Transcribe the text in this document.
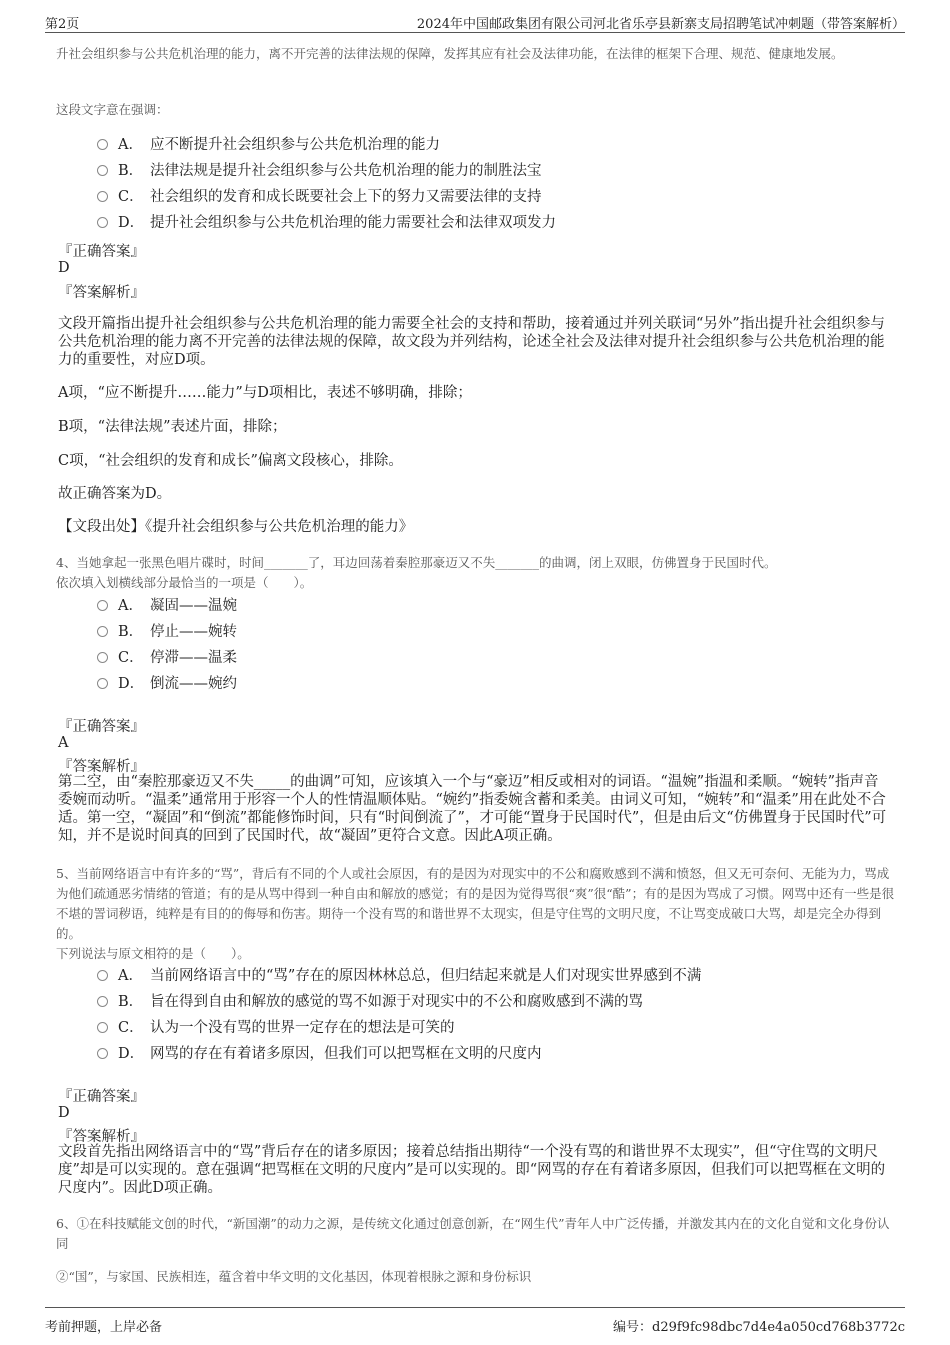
第2页	2024年中国邮政集团有限公司河北省乐亭县新寨支局招聘笔试冲刺题（带答案解析）
升社会组织参与公共危机治理的能力，离不开完善的法律法规的保障，发挥其应有社会及法律功能，在法律的框架下合理、规范、健康地发展。
这段文字意在强调：
A． 应不断提升社会组织参与公共危机治理的能力
B． 法律法规是提升社会组织参与公共危机治理的能力的制胜法宝
C． 社会组织的发育和成长既要社会上下的努力又需要法律的支持
D． 提升社会组织参与公共危机治理的能力需要社会和法律双项发力
『正确答案』
D
『答案解析』
文段开篇指出提升社会组织参与公共危机治理的能力需要全社会的支持和帮助，接着通过并列关联词“另外”指出提升社会组织参与公共危机治理的能力离不开完善的法律法规的保障，故文段为并列结构，论述全社会及法律对提升社会组织参与公共危机治理的能力的重要性，对应D项。
A项，“应不断提升……能力”与D项相比，表述不够明确，排除；
B项，“法律法规”表述片面，排除；
C项，“社会组织的发育和成长”偏离文段核心，排除。
故正确答案为D。
【文段出处】《提升社会组织参与公共危机治理的能力》
4、当她拿起一张黑色唱片碟时，时间_______了，耳边回荡着秦腔那豪迈又不失_______的曲调，闭上双眼，仿佛置身于民国时代。
依次填入划横线部分最恰当的一项是（　　）。
A． 凝固——温婉
B． 停止——婉转
C． 停滞——温柔
D． 倒流——婉约
『正确答案』
A
『答案解析』
第二空，由“秦腔那豪迈又不失_____的曲调”可知，应该填入一个与“豪迈”相反或相对的词语。“温婉”指温和柔顺。“婉转”指声音委婉而动听。“温柔”通常用于形容一个人的性情温顺体贴。“婉约”指委婉含蓄和柔美。由词义可知，“婉转”和“温柔”用在此处不合适。第一空，“凝固”和“倒流”都能修饰时间，只有“时间倒流了”，才可能“置身于民国时代”，但是由后文“仿佛置身于民国时代”可知，并不是说时间真的回到了民国时代，故“凝固”更符合文意。因此A项正确。
5、当前网络语言中有许多的“骂”，背后有不同的个人或社会原因，有的是因为对现实中的不公和腐败感到不满和愤怒，但又无可奈何、无能为力，骂成为他们疏通恶劣情绪的管道；有的是从骂中得到一种自由和解放的感觉；有的是因为觉得骂很“爽”很“酷”；有的是因为骂成了习惯。网骂中还有一些是很不堪的詈词秽语，纯粹是有目的的侮辱和伤害。期待一个没有骂的和谐世界不太现实，但是守住骂的文明尺度，不让骂变成破口大骂，却是完全办得到的。
下列说法与原文相符的是（　　）。
A． 当前网络语言中的“骂”存在的原因林林总总，但归结起来就是人们对现实世界感到不满
B． 旨在得到自由和解放的感觉的骂不如源于对现实中的不公和腐败感到不满的骂
C． 认为一个没有骂的世界一定存在的想法是可笑的
D． 网骂的存在有着诸多原因，但我们可以把骂框在文明的尺度内
『正确答案』
D
『答案解析』
文段首先指出网络语言中的“骂”背后存在的诸多原因；接着总结指出期待“一个没有骂的和谐世界不太现实”，但“守住骂的文明尺度”却是可以实现的。意在强调“把骂框在文明的尺度内”是可以实现的。即“网骂的存在有着诸多原因，但我们可以把骂框在文明的尺度内”。因此D项正确。
6、①在科技赋能文创的时代，“新国潮”的动力之源，是传统文化通过创意创新，在“网生代”青年人中广泛传播，并激发其内在的文化自觉和文化身份认同
②“国”，与家国、民族相连，蕴含着中华文明的文化基因，体现着根脉之源和身份标识
考前押题，上岸必备	编号：d29f9fc98dbc7d4e4a050cd768b3772c
